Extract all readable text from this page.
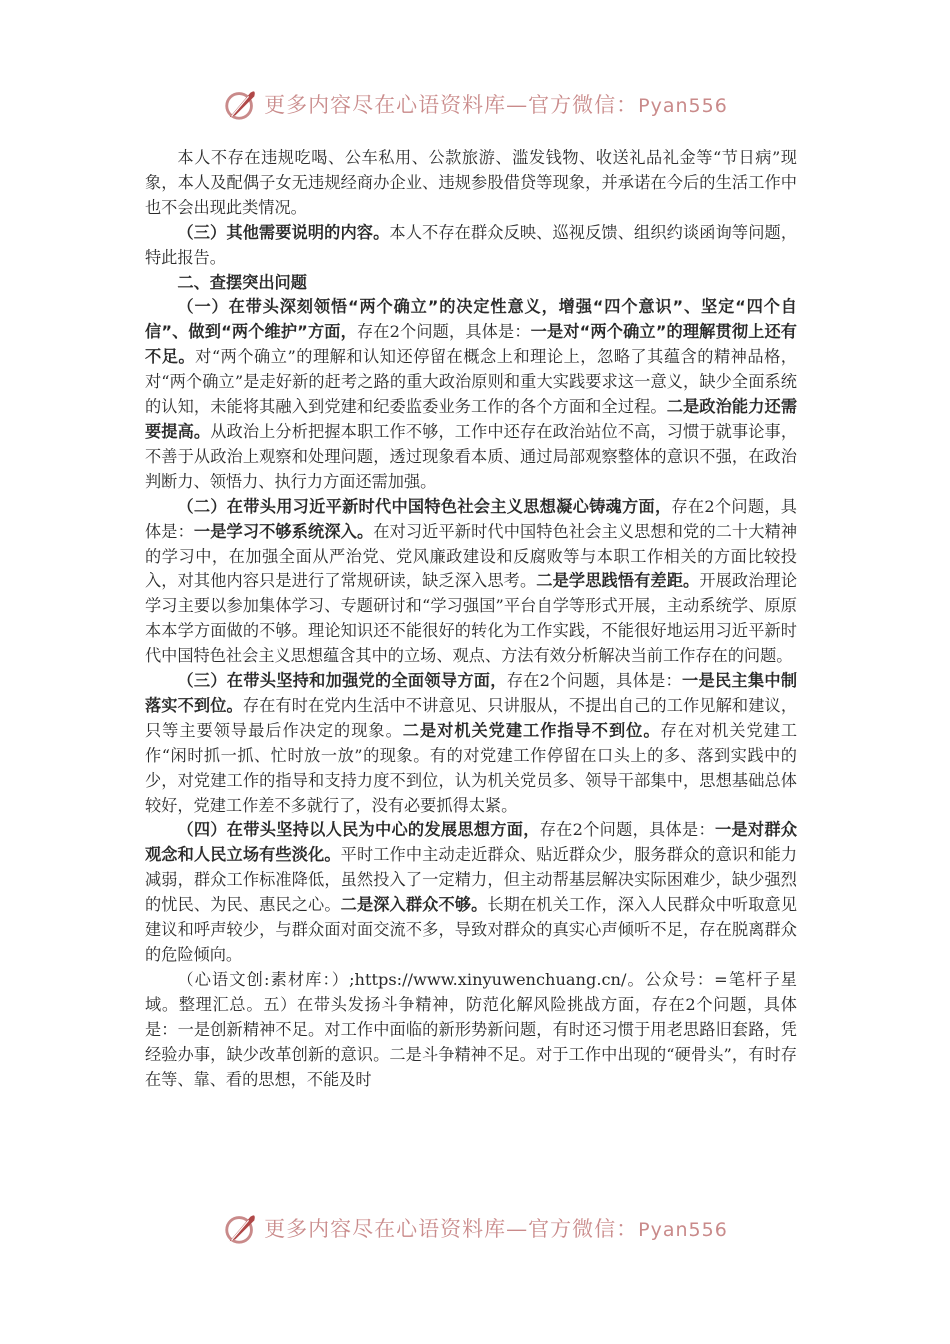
更多内容尽在心语资料库—官方微信：Pyan556

本人不存在违规吃喝、公车私用、公款旅游、滥发钱物、收送礼品礼金等“节日病”现象，本人及配偶子女无违规经商办企业、违规参股借贷等现象，并承诺在今后的生活工作中也不会出现此类情况。

（三）其他需要说明的内容。本人不存在群众反映、巡视反馈、组织约谈函询等问题，特此报告。

二、查摆突出问题

（一）在带头深刻领悟“两个确立”的决定性意义，增强“四个意识”、坚定“四个自信”、做到“两个维护”方面，存在2个问题，具体是：一是对“两个确立”的理解贯彻上还有不足。对“两个确立”的理解和认知还停留在概念上和理论上，忽略了其蕴含的精神品格，对“两个确立”是走好新的赶考之路的重大政治原则和重大实践要求这一意义，缺少全面系统的认知，未能将其融入到党建和纪委监委业务工作的各个方面和全过程。二是政治能力还需要提高。从政治上分析把握本职工作不够，工作中还存在政治站位不高，习惯于就事论事，不善于从政治上观察和处理问题，透过现象看本质、通过局部观察整体的意识不强，在政治判断力、领悟力、执行力方面还需加强。

（二）在带头用习近平新时代中国特色社会主义思想凝心铸魂方面，存在2个问题，具体是：一是学习不够系统深入。在对习近平新时代中国特色社会主义思想和党的二十大精神的学习中，在加强全面从严治党、党风廉政建设和反腐败等与本职工作相关的方面比较投入，对其他内容只是进行了常规研读，缺乏深入思考。二是学思践悟有差距。开展政治理论学习主要以参加集体学习、专题研讨和“学习强国”平台自学等形式开展，主动系统学、原原本本学方面做的不够。理论知识还不能很好的转化为工作实践，不能很好地运用习近平新时代中国特色社会主义思想蕴含其中的立场、观点、方法有效分析解决当前工作存在的问题。

（三）在带头坚持和加强党的全面领导方面，存在2个问题，具体是：一是民主集中制落实不到位。存在有时在党内生活中不讲意见、只讲服从，不提出自己的工作见解和建议，只等主要领导最后作决定的现象。二是对机关党建工作指导不到位。存在对机关党建工作“闲时抓一抓、忙时放一放”的现象。有的对党建工作停留在口头上的多、落到实践中的少，对党建工作的指导和支持力度不到位，认为机关党员多、领导干部集中，思想基础总体较好，党建工作差不多就行了，没有必要抓得太紧。

（四）在带头坚持以人民为中心的发展思想方面，存在2个问题，具体是：一是对群众观念和人民立场有些淡化。平时工作中主动走近群众、贴近群众少，服务群众的意识和能力减弱，群众工作标准降低，虽然投入了一定精力，但主动帮基层解决实际困难少，缺少强烈的忧民、为民、惠民之心。二是深入群众不够。长期在机关工作，深入人民群众中听取意见建议和呼声较少，与群众面对面交流不多，导致对群众的真实心声倾听不足，存在脱离群众的危险倾向。

（心语文创:素材库：）;https://www.xinyuwenchuang.cn/。公众号：=笔杆子星域。整理汇总。五）在带头发扬斗争精神，防范化解风险挑战方面，存在2个问题，具体是：一是创新精神不足。对工作中面临的新形势新问题，有时还习惯于用老思路旧套路，凭经验办事，缺少改革创新的意识。二是斗争精神不足。对于工作中出现的“硬骨头”，有时存在等、靠、看的思想，不能及时

更多内容尽在心语资料库—官方微信：Pyan556
